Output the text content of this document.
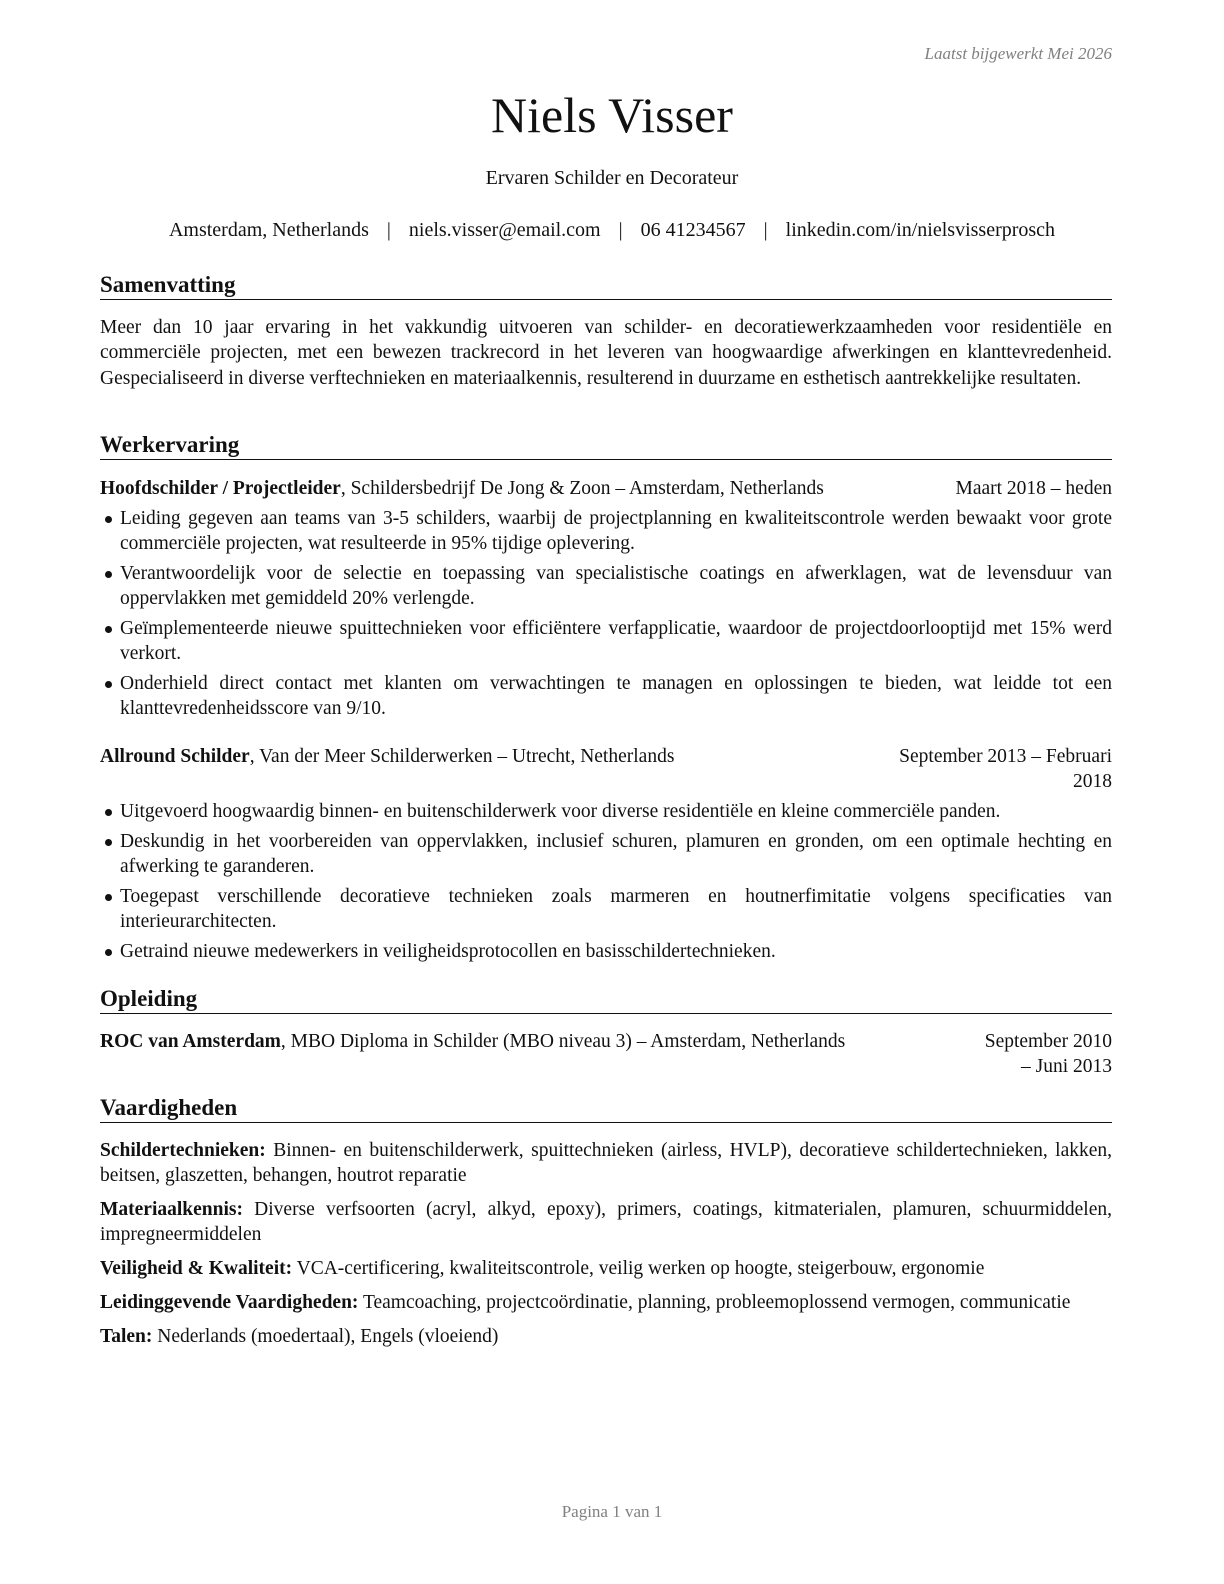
Laatst bijgewerkt Mei 2026
Niels Visser
Ervaren Schilder en Decorateur
Amsterdam, Netherlands | niels.visser@email.com | 06 41234567 | linkedin.com/in/nielsvisserprosch
Samenvatting

Meer dan 10 jaar ervaring in het vakkundig uitvoeren van schilder- en decoratiewerkzaamheden voor residentiële en commerciële projecten, met een bewezen trackrecord in het leveren van hoogwaardige afwerkingen en klanttevredenheid. Gespecialiseerd in diverse verftechnieken en materiaalkennis, resulterend in duurzame en esthetisch aantrekkelijke resultaten.

Werkervaring
Hoofdschilder / Projectleider, Schildersbedrijf De Jong & Zoon – Amsterdam, Netherlands	Maart 2018 – heden
Leiding gegeven aan teams van 3-5 schilders, waarbij de projectplanning en kwaliteitscontrole werden bewaakt voor grote commerciële projecten, wat resulteerde in 95% tijdige oplevering.
Verantwoordelijk voor de selectie en toepassing van specialistische coatings en afwerklagen, wat de levensduur van oppervlakken met gemiddeld 20% verlengde.
Geïmplementeerde nieuwe spuittechnieken voor efficiëntere verfapplicatie, waardoor de projectdoorlooptijd met 15% werd verkort.
Onderhield direct contact met klanten om verwachtingen te managen en oplossingen te bieden, wat leidde tot een klanttevredenheidsscore van 9/10.
Allround Schilder, Van der Meer Schilderwerken – Utrecht, Netherlands	September 2013 – Februari 2018
Uitgevoerd hoogwaardig binnen- en buitenschilderwerk voor diverse residentiële en kleine commerciële panden.
Deskundig in het voorbereiden van oppervlakken, inclusief schuren, plamuren en gronden, om een optimale hechting en afwerking te garanderen.
Toegepast verschillende decoratieve technieken zoals marmeren en houtnerfimitatie volgens specificaties van interieurarchitecten.
Getraind nieuwe medewerkers in veiligheidsprotocollen en basisschildertechnieken.
Opleiding
ROC van Amsterdam, MBO Diploma in Schilder (MBO niveau 3) – Amsterdam, Netherlands	September 2010 – Juni 2013
Vaardigheden

Schildertechnieken: Binnen- en buitenschilderwerk, spuittechnieken (airless, HVLP), decoratieve schildertechnieken, lakken, beitsen, glaszetten, behangen, houtrot reparatie

Materiaalkennis: Diverse verfsoorten (acryl, alkyd, epoxy), primers, coatings, kitmaterialen, plamuren, schuurmiddelen, impregneermiddelen

Veiligheid & Kwaliteit: VCA-certificering, kwaliteitscontrole, veilig werken op hoogte, steigerbouw, ergonomie

Leidinggevende Vaardigheden: Teamcoaching, projectcoördinatie, planning, probleemoplossend vermogen, communicatie

Talen: Nederlands (moedertaal), Engels (vloeiend)

Pagina 1 van 1
